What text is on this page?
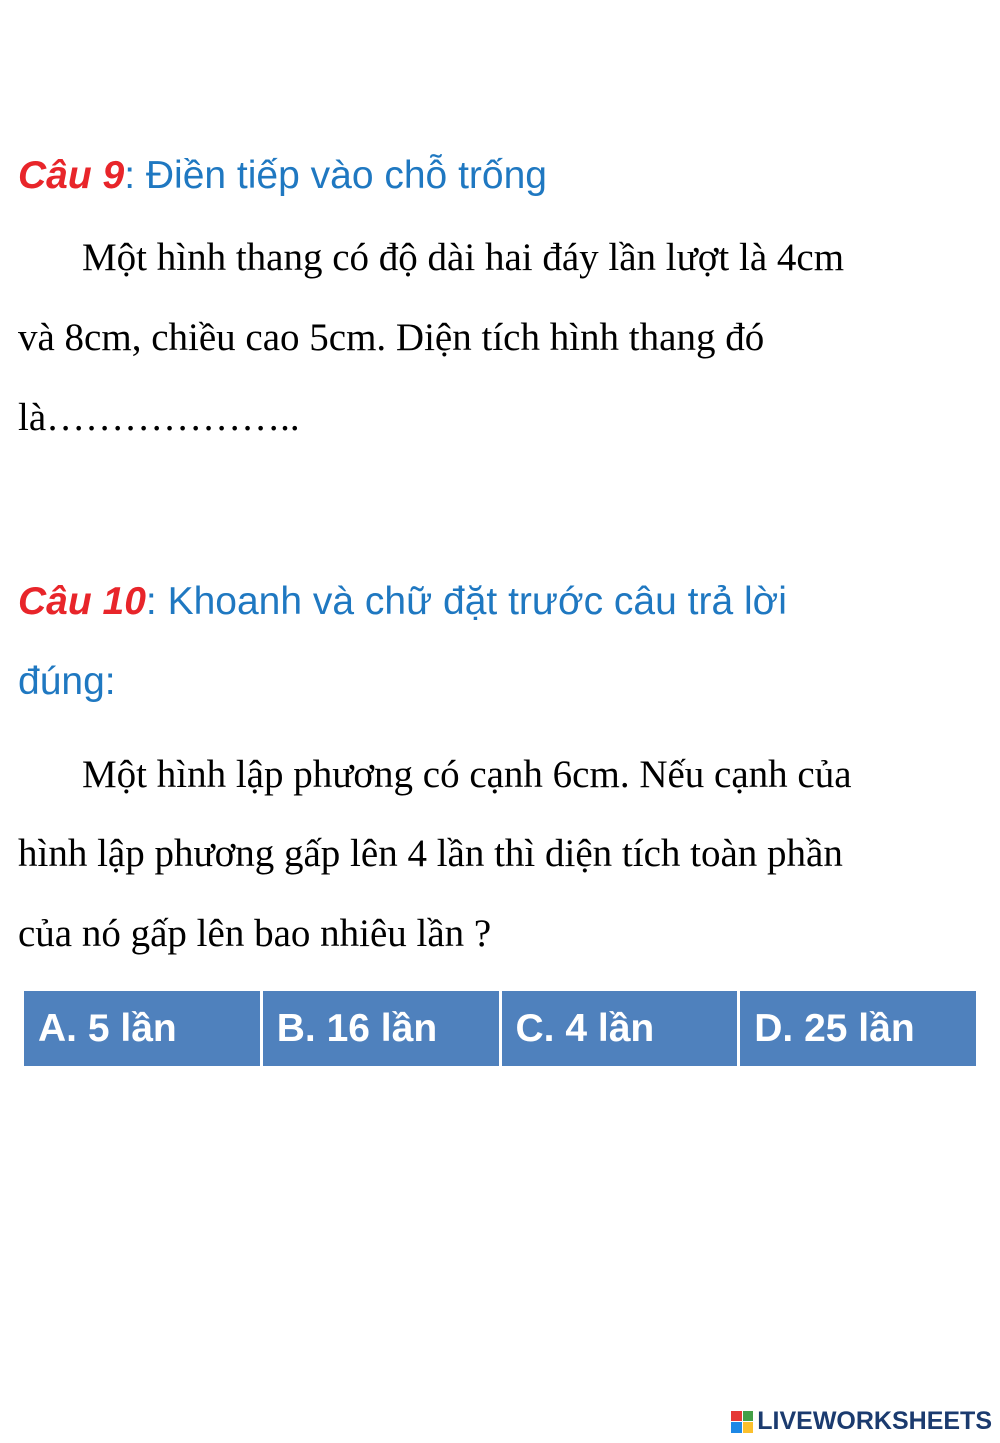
Câu 9: Điền tiếp vào chỗ trống
Một hình thang có độ dài hai đáy lần lượt là 4cm
và 8cm, chiều cao 5cm. Diện tích hình thang đó
là………………..
Câu 10: Khoanh và chữ đặt trước câu trả lời
đúng:
Một hình lập phương có cạnh 6cm. Nếu cạnh của
hình lập phương gấp lên 4 lần thì diện tích toàn phần
của nó gấp lên bao nhiêu lần ?
A. 5 lần	B. 16 lần	C. 4 lần	D. 25 lần
LIVEWORKSHEETS
